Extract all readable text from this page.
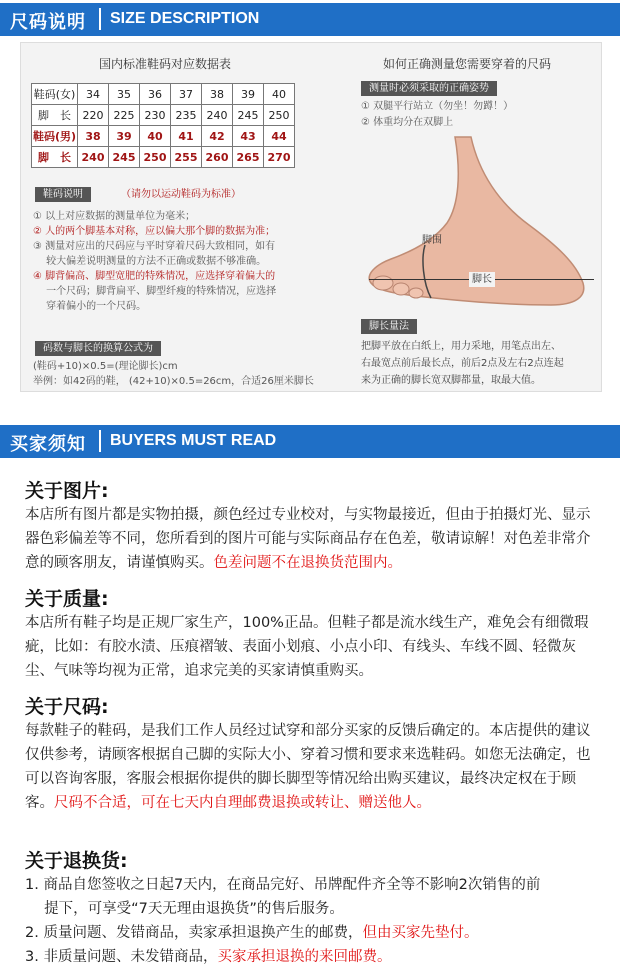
尺码说明 SIZE DESCRIPTION
国内标准鞋码对应数据表	如何正确测量您需要穿着的尺码
鞋码(女)	34	35	36	37	38	39	40
脚　长	220	225	230	235	240	245	250
鞋码(男)	38	39	40	41	42	43	44
脚　长	240	245	250	255	260	265	270
鞋码说明	（请勿以运动鞋码为标准）
① 以上对应数据的测量单位为毫米；
② 人的两个脚基本对称，应以偏大那个脚的数据为准；
③ 测量对应出的尺码应与平时穿着尺码大致相同，如有
　 较大偏差说明测量的方法不正确或数据不够准确。
④ 脚背偏高、脚型宽肥的特殊情况，应选择穿着偏大的
　 一个尺码；脚背扁平、脚型纤瘦的特殊情况，应选择
　 穿着偏小的一个尺码。
码数与脚长的换算公式为
(鞋码+10)×0.5=(理论脚长)cm
举例：如42码的鞋， (42+10)×0.5=26cm，合适26厘米脚长
测量时必须采取的正确姿势
① 双腿平行站立（勿坐！勿蹲！）
② 体重均分在双脚上
脚围
脚长
脚长量法
把脚平放在白纸上，用力采地，用笔点出左、
右最宽点前后最长点，前后2点及左右2点连起
来为正确的脚长宽双脚都量，取最大值。
买家须知 BUYERS MUST READ
关于图片:

本店所有图片都是实物拍摄，颜色经过专业校对，与实物最接近，但由于拍摄灯光、显示器色彩偏差等不同，您所看到的图片可能与实际商品存在色差，敬请谅解！对色差非常介意的顾客朋友，请谨慎购买。色差问题不在退换货范围内。

关于质量:

本店所有鞋子均是正规厂家生产，100%正品。但鞋子都是流水线生产，难免会有细微瑕疵，比如：有胶水渍、压痕褶皱、表面小划痕、小点小印、有线头、车线不圆、轻微灰尘、气味等均视为正常，追求完美的买家请慎重购买。

关于尺码:

每款鞋子的鞋码，是我们工作人员经过试穿和部分买家的反馈后确定的。本店提供的建议仅供参考，请顾客根据自己脚的实际大小、穿着习惯和要求来选鞋码。如您无法确定，也可以咨询客服，客服会根据你提供的脚长脚型等情况给出购买建议，最终决定权在于顾客。尺码不合适，可在七天内自理邮费退换或转让、赠送他人。

关于退换货:
1. 商品自您签收之日起7天内，在商品完好、吊牌配件齐全等不影响2次销售的前
　 提下，可享受“7天无理由退换货”的售后服务。
2. 质量问题、发错商品，卖家承担退换产生的邮费，但由买家先垫付。
3. 非质量问题、未发错商品，买家承担退换的来回邮费。
